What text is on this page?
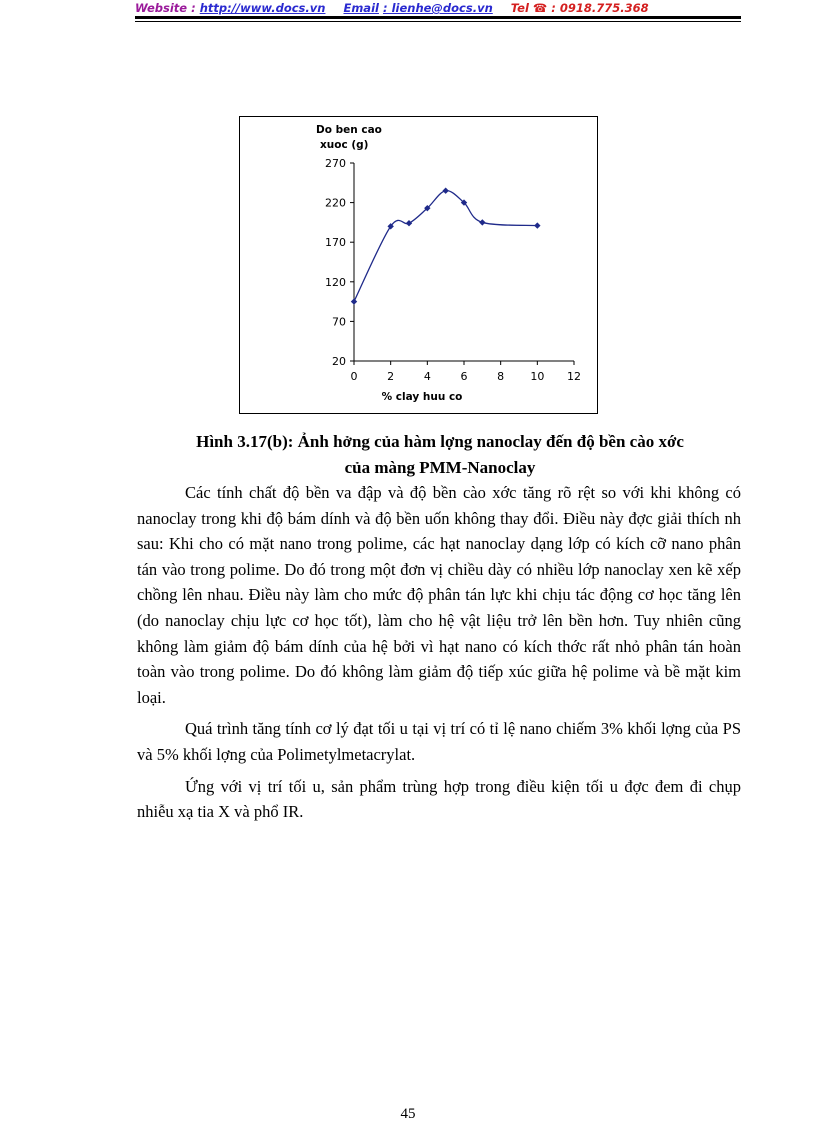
Website : http://www.docs.vn Email : lienhe@docs.vn Tel ☎ : 0918.775.368
Do ben cao
xuoc (g)
% clay huu co
20
70
120
170
220
270
0	2	4	6	8 10 12
Hình 3.17(b): Ảnh hởng của hàm lợng nanoclay đến độ bền cào xớc
của màng PMM-Nanoclay

Các tính chất độ bền va đập và độ bền cào xớc tăng rõ rệt so với khi không có nanoclay trong khi độ bám dính và độ bền uốn không thay đổi. Điều này đợc giải thích nh sau: Khi cho có mặt nano trong polime, các hạt nanoclay dạng lớp có kích cỡ nano phân tán vào trong polime. Do đó trong một đơn vị chiều dày có nhiều lớp nanoclay xen kẽ xếp chồng lên nhau. Điều này làm cho mức độ phân tán lực khi chịu tác động cơ học tăng lên (do nanoclay chịu lực cơ học tốt), làm cho hệ vật liệu trở lên bền hơn. Tuy nhiên cũng không làm giảm độ bám dính của hệ bởi vì hạt nano có kích thớc rất nhỏ phân tán hoàn toàn vào trong polime. Do đó không làm giảm độ tiếp xúc giữa hệ polime và bề mặt kim loại.

Quá trình tăng tính cơ lý đạt tối u tại vị trí có tỉ lệ nano chiếm 3% khối lợng của PS và 5% khối lợng của Polimetylmetacrylat.

Ứng với vị trí tối u, sản phẩm trùng hợp trong điều kiện tối u đợc đem đi chụp nhiễu xạ tia X và phổ IR.

45
